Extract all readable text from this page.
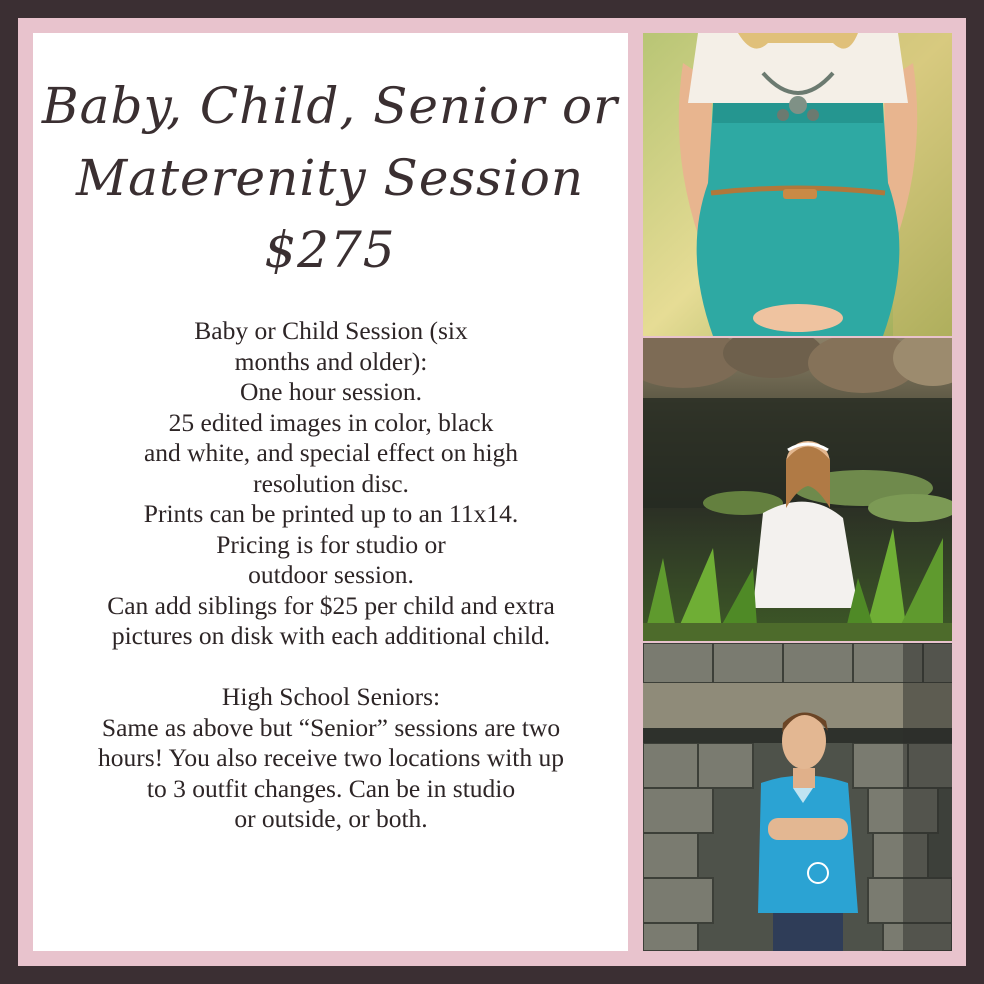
Baby, Child, Senior or
Materenity Session
$275
Baby or Child Session (six
months and older):
One hour session.
25 edited images in color, black
and white, and special effect on high
resolution disc.
Prints can be printed up to an 11x14.
Pricing is for studio or
outdoor session.
Can add siblings for $25 per child and extra
pictures on disk with each additional child.
High School Seniors:
Same as above but “Senior” sessions are two
hours! You also receive two locations with up
to 3 outfit changes. Can be in studio
or outside, or both.
